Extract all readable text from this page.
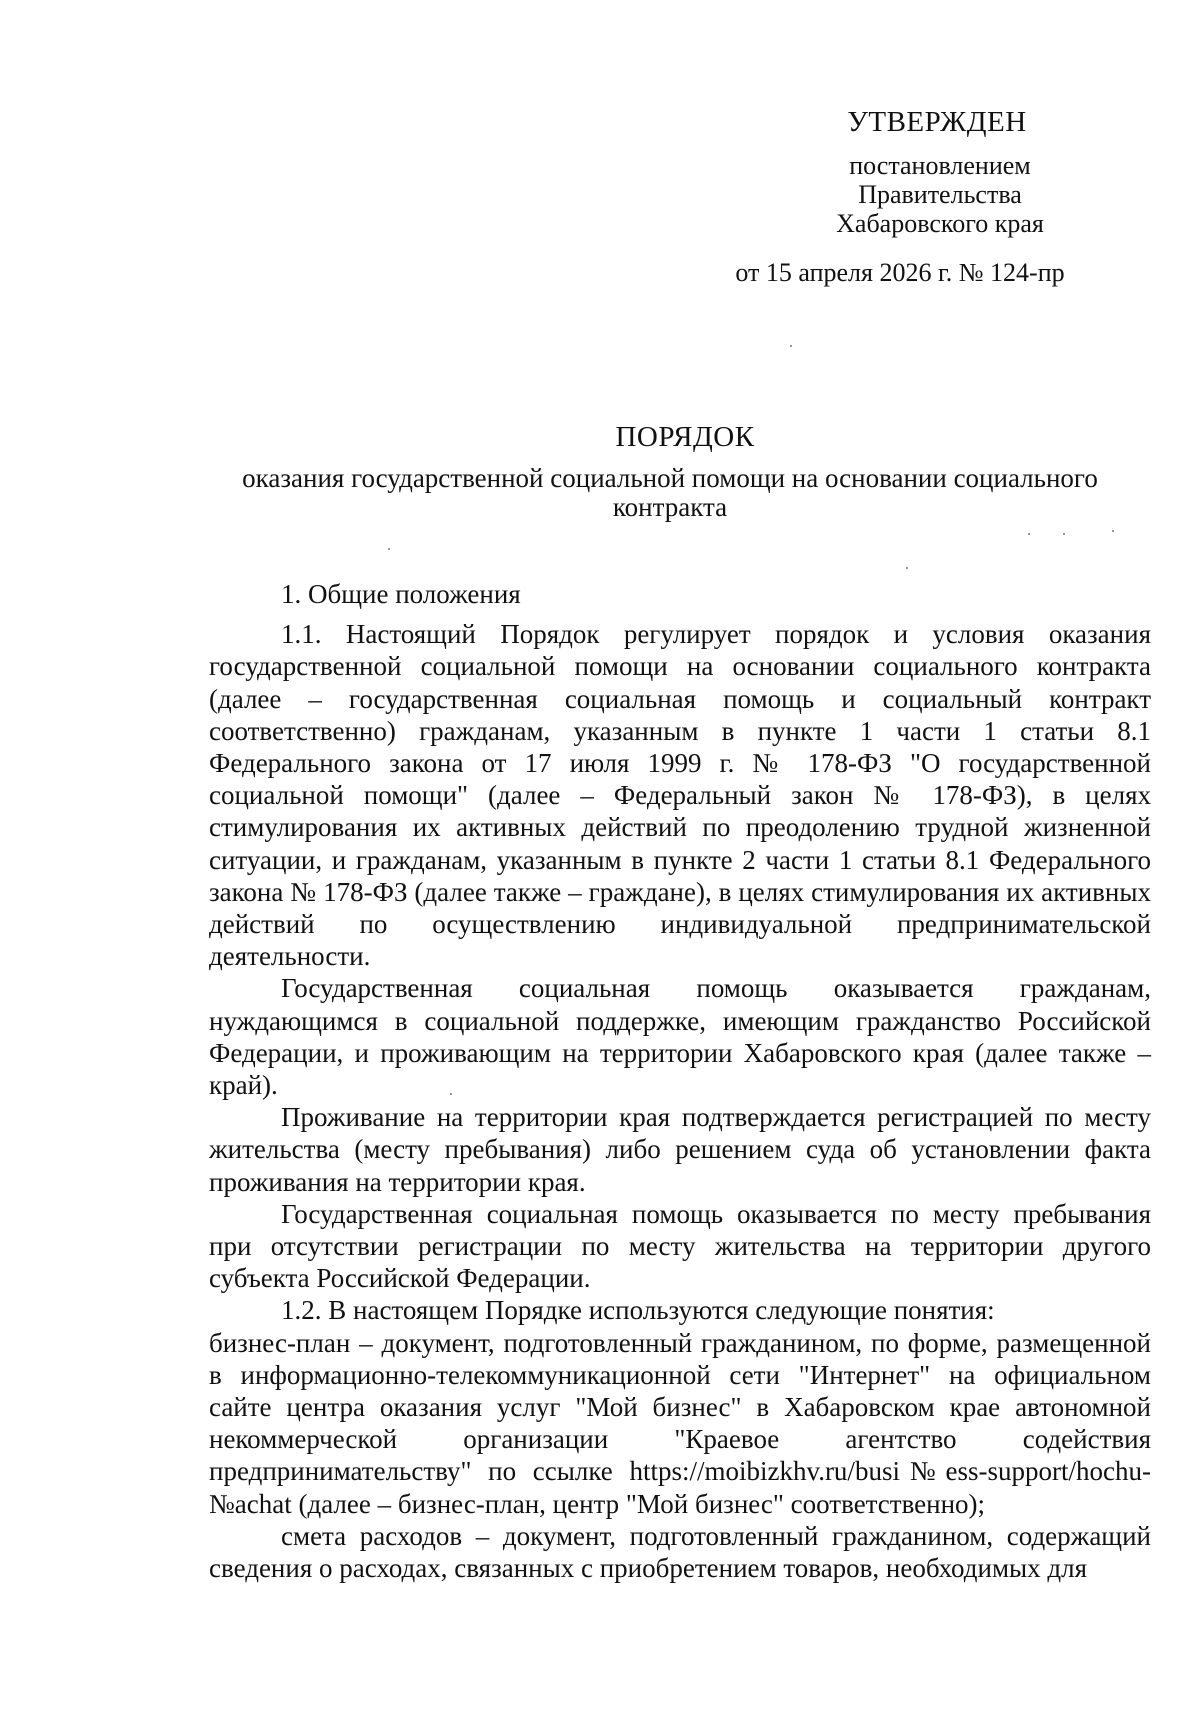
УТВЕРЖДЕН
постановлением
Правительства
Хабаровского края
от 15 апреля 2026 г. № 124-пр
ПОРЯДОК
оказания государственной социальной помощи на основании социального контракта

1. Общие положения

1.1. Настоящий Порядок регулирует порядок и условия оказания государственной социальной помощи на основании социального контракта (далее – государственная социальная помощь и социальный контракт соответственно) гражданам, указанным в пункте 1 части 1 статьи 8.1 Федерального закона от 17 июля 1999 г. № 178-ФЗ "О государственной социальной помощи" (далее – Федеральный закон № 178-ФЗ), в целях стимулирования их активных действий по преодолению трудной жизненной ситуации, и гражданам, указанным в пункте 2 части 1 статьи 8.1 Федерального закона № 178-ФЗ (далее также – граждане), в целях стимулирования их активных действий по осуществлению индивидуальной предпринимательской деятельности.

Государственная социальная помощь оказывается гражданам, нуждающимся в социальной поддержке, имеющим гражданство Российской Федерации, и проживающим на территории Хабаровского края (далее также – край).

Проживание на территории края подтверждается регистрацией по месту жительства (месту пребывания) либо решением суда об установлении факта проживания на территории края.

Государственная социальная помощь оказывается по месту пребывания при отсутствии регистрации по месту жительства на территории другого субъекта Российской Федерации.

1.2. В настоящем Порядке используются следующие понятия:

бизнес-план – документ, подготовленный гражданином, по форме, размещенной в информационно-телекоммуникационной сети "Интернет" на официальном сайте центра оказания услуг "Мой бизнес" в Хабаровском крае автономной некоммерческой организации "Краевое агентство содействия предпринимательству" по ссылке https://moibizkhv.ru/busi№ess-support/hochu-№achat (далее – бизнес-план, центр "Мой бизнес" соответственно);

смета расходов – документ, подготовленный гражданином, содержащий сведения о расходах, связанных с приобретением товаров, необходимых для
